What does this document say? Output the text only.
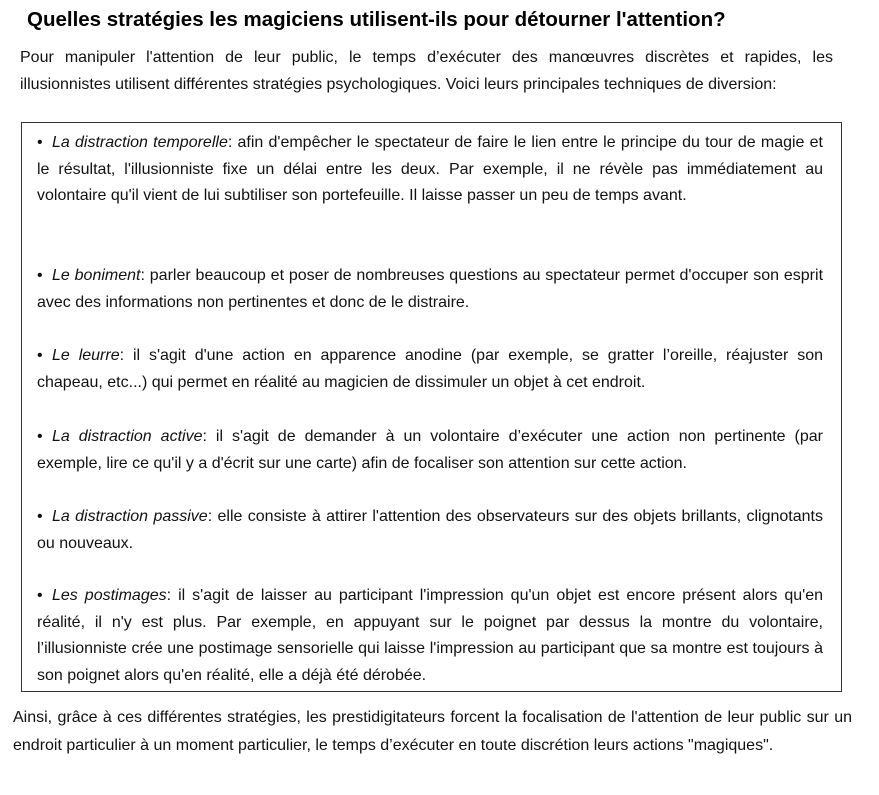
Quelles stratégies les magiciens utilisent-ils pour détourner l'attention?

Pour manipuler l'attention de leur public, le temps d’exécuter des manœuvres discrètes et rapides, les illusionnistes utilisent différentes stratégies psychologiques. Voici leurs principales techniques de diversion:

• La distraction temporelle: afin d'empêcher le spectateur de faire le lien entre le principe du tour de magie et le résultat, l'illusionniste fixe un délai entre les deux. Par exemple, il ne révèle pas immédiatement au volontaire qu'il vient de lui subtiliser son portefeuille. Il laisse passer un peu de temps avant.

• Le boniment: parler beaucoup et poser de nombreuses questions au spectateur permet d'occuper son esprit avec des informations non pertinentes et donc de le distraire.

• Le leurre: il s'agit d'une action en apparence anodine (par exemple, se gratter l’oreille, réajuster son chapeau, etc...) qui permet en réalité au magicien de dissimuler un objet à cet endroit.

• La distraction active: il s'agit de demander à un volontaire d’exécuter une action non pertinente (par exemple, lire ce qu'il y a d'écrit sur une carte) afin de focaliser son attention sur cette action.

• La distraction passive: elle consiste à attirer l'attention des observateurs sur des objets brillants, clignotants ou nouveaux.

• Les postimages: il s'agit de laisser au participant l'impression qu'un objet est encore présent alors qu'en réalité, il n'y est plus. Par exemple, en appuyant sur le poignet par dessus la montre du volontaire, l’illusionniste crée une postimage sensorielle qui laisse l'impression au participant que sa montre est toujours à son poignet alors qu'en réalité, elle a déjà été dérobée.

Ainsi, grâce à ces différentes stratégies, les prestidigitateurs forcent la focalisation de l'attention de leur public sur un endroit particulier à un moment particulier, le temps d’exécuter en toute discrétion leurs actions "magiques".
